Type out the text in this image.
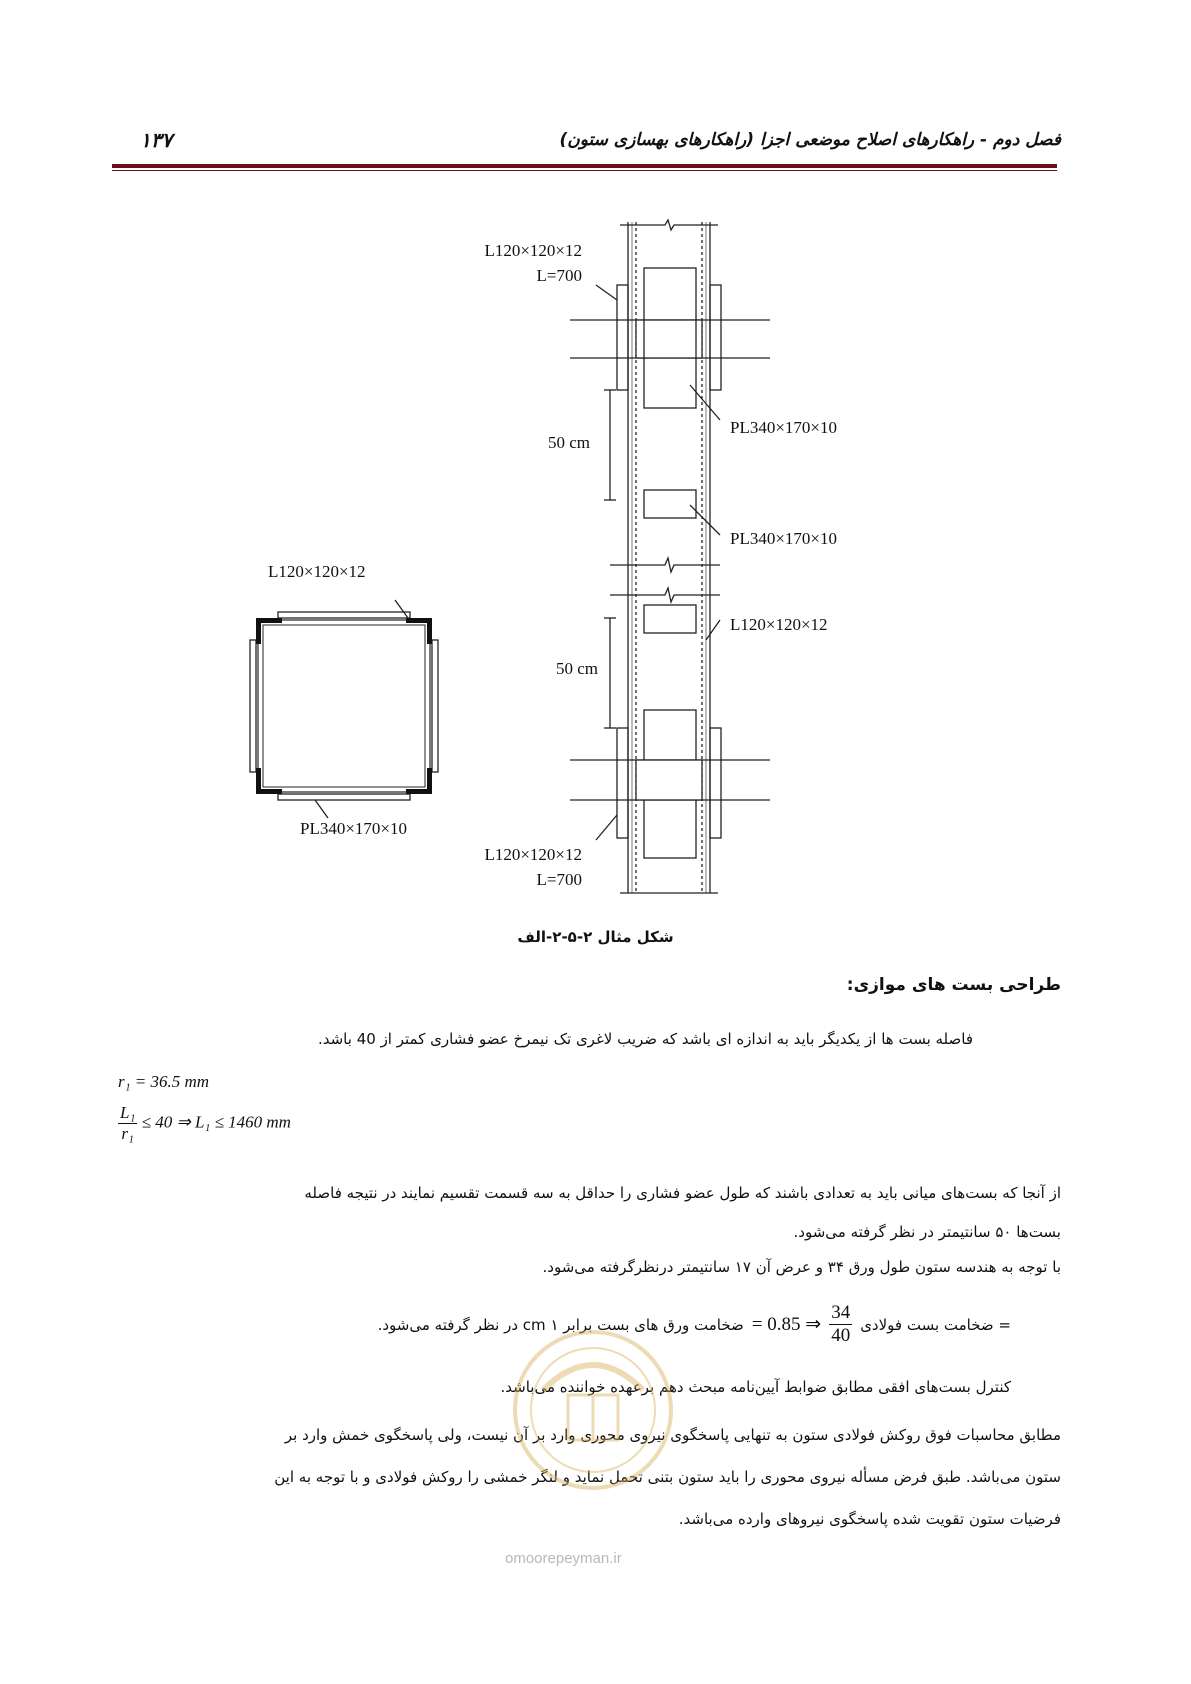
فصل دوم - راهکارهای اصلاح موضعی اجزا (راهکارهای بهسازی ستون)
۱۳۷
L120×120×12
L=700
PL340×170×10
50 cm
PL340×170×10
L120×120×12
50 cm
L120×120×12
L=700
L120×120×12
PL340×170×10
شکل مثال ۲-۵-۲-الف
طراحی بست های موازی:
فاصله بست ها از یکدیگر باید به اندازه ای باشد که ضریب لاغری تک نیمرخ عضو فشاری کمتر از 40 باشد.
r₁ = 36.5 mm
$\frac{\text{L₁}}{\text{r₁}} \le 40$ ⇒ L₁ ≤ 1460 mm
از آنجا که بست‌های میانی باید به تعدادی باشند که طول عضو فشاری را حداقل به سه قسمت تقسیم نمایند در نتیجه فاصله
بست‌ها ۵۰ سانتیمتر در نظر گرفته می‌شود.
با توجه به هندسه ستون طول ورق ۳۴ و عرض آن ۱۷ سانتیمتر درنظرگرفته می‌شود.
= ضخامت بست فولادی
$\frac{34}{40}$
= 0.85 ⇒
ضخامت ورق های بست برابر ۱ cm در نظر گرفته می‌شود.
کنترل بست‌های افقی مطابق ضوابط آیین‌نامه مبحث دهم برعهده خواننده می‌باشد.
مطابق محاسبات فوق روکش فولادی ستون به تنهایی پاسخگوی نیروی محوری وارد بر آن نیست، ولی پاسخگوی خمش وارد بر
ستون می‌باشد. طبق فرض مسأله نیروی محوری را باید ستون بتنی تحمل نماید و لنگر خمشی را روکش فولادی و با توجه به این
فرضیات ستون تقویت شده پاسخگوی نیروهای وارده می‌باشد.
omoorepeyman.ir
